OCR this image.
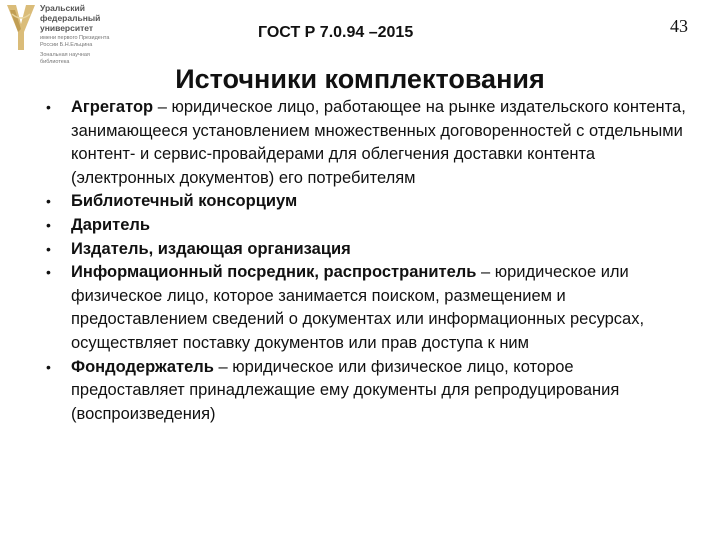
Уральский
федеральный
университет
имени первого Президента
России Б.Н.Ельцина
Зональная научная
библиотека
ГОСТ Р 7.0.94 –2015	43
Источники комплектования
• Агрегатор – юридическое лицо, работающее на рынке издательского контента, занимающееся установлением множественных договоренностей с отдельными контент- и сервис-провайдерами для облегчения доставки контента (электронных документов) его потребителям
• Библиотечный консорциум
• Даритель
• Издатель, издающая организация
• Информационный посредник, распространитель – юридическое или физическое лицо, которое занимается поиском, размещением и предоставлением сведений о документах или информационных ресурсах, осуществляет поставку документов или прав доступа к ним
• Фондодержатель – юридическое или физическое лицо, которое предоставляет принадлежащие ему документы для репродуцирования (воспроизведения)
